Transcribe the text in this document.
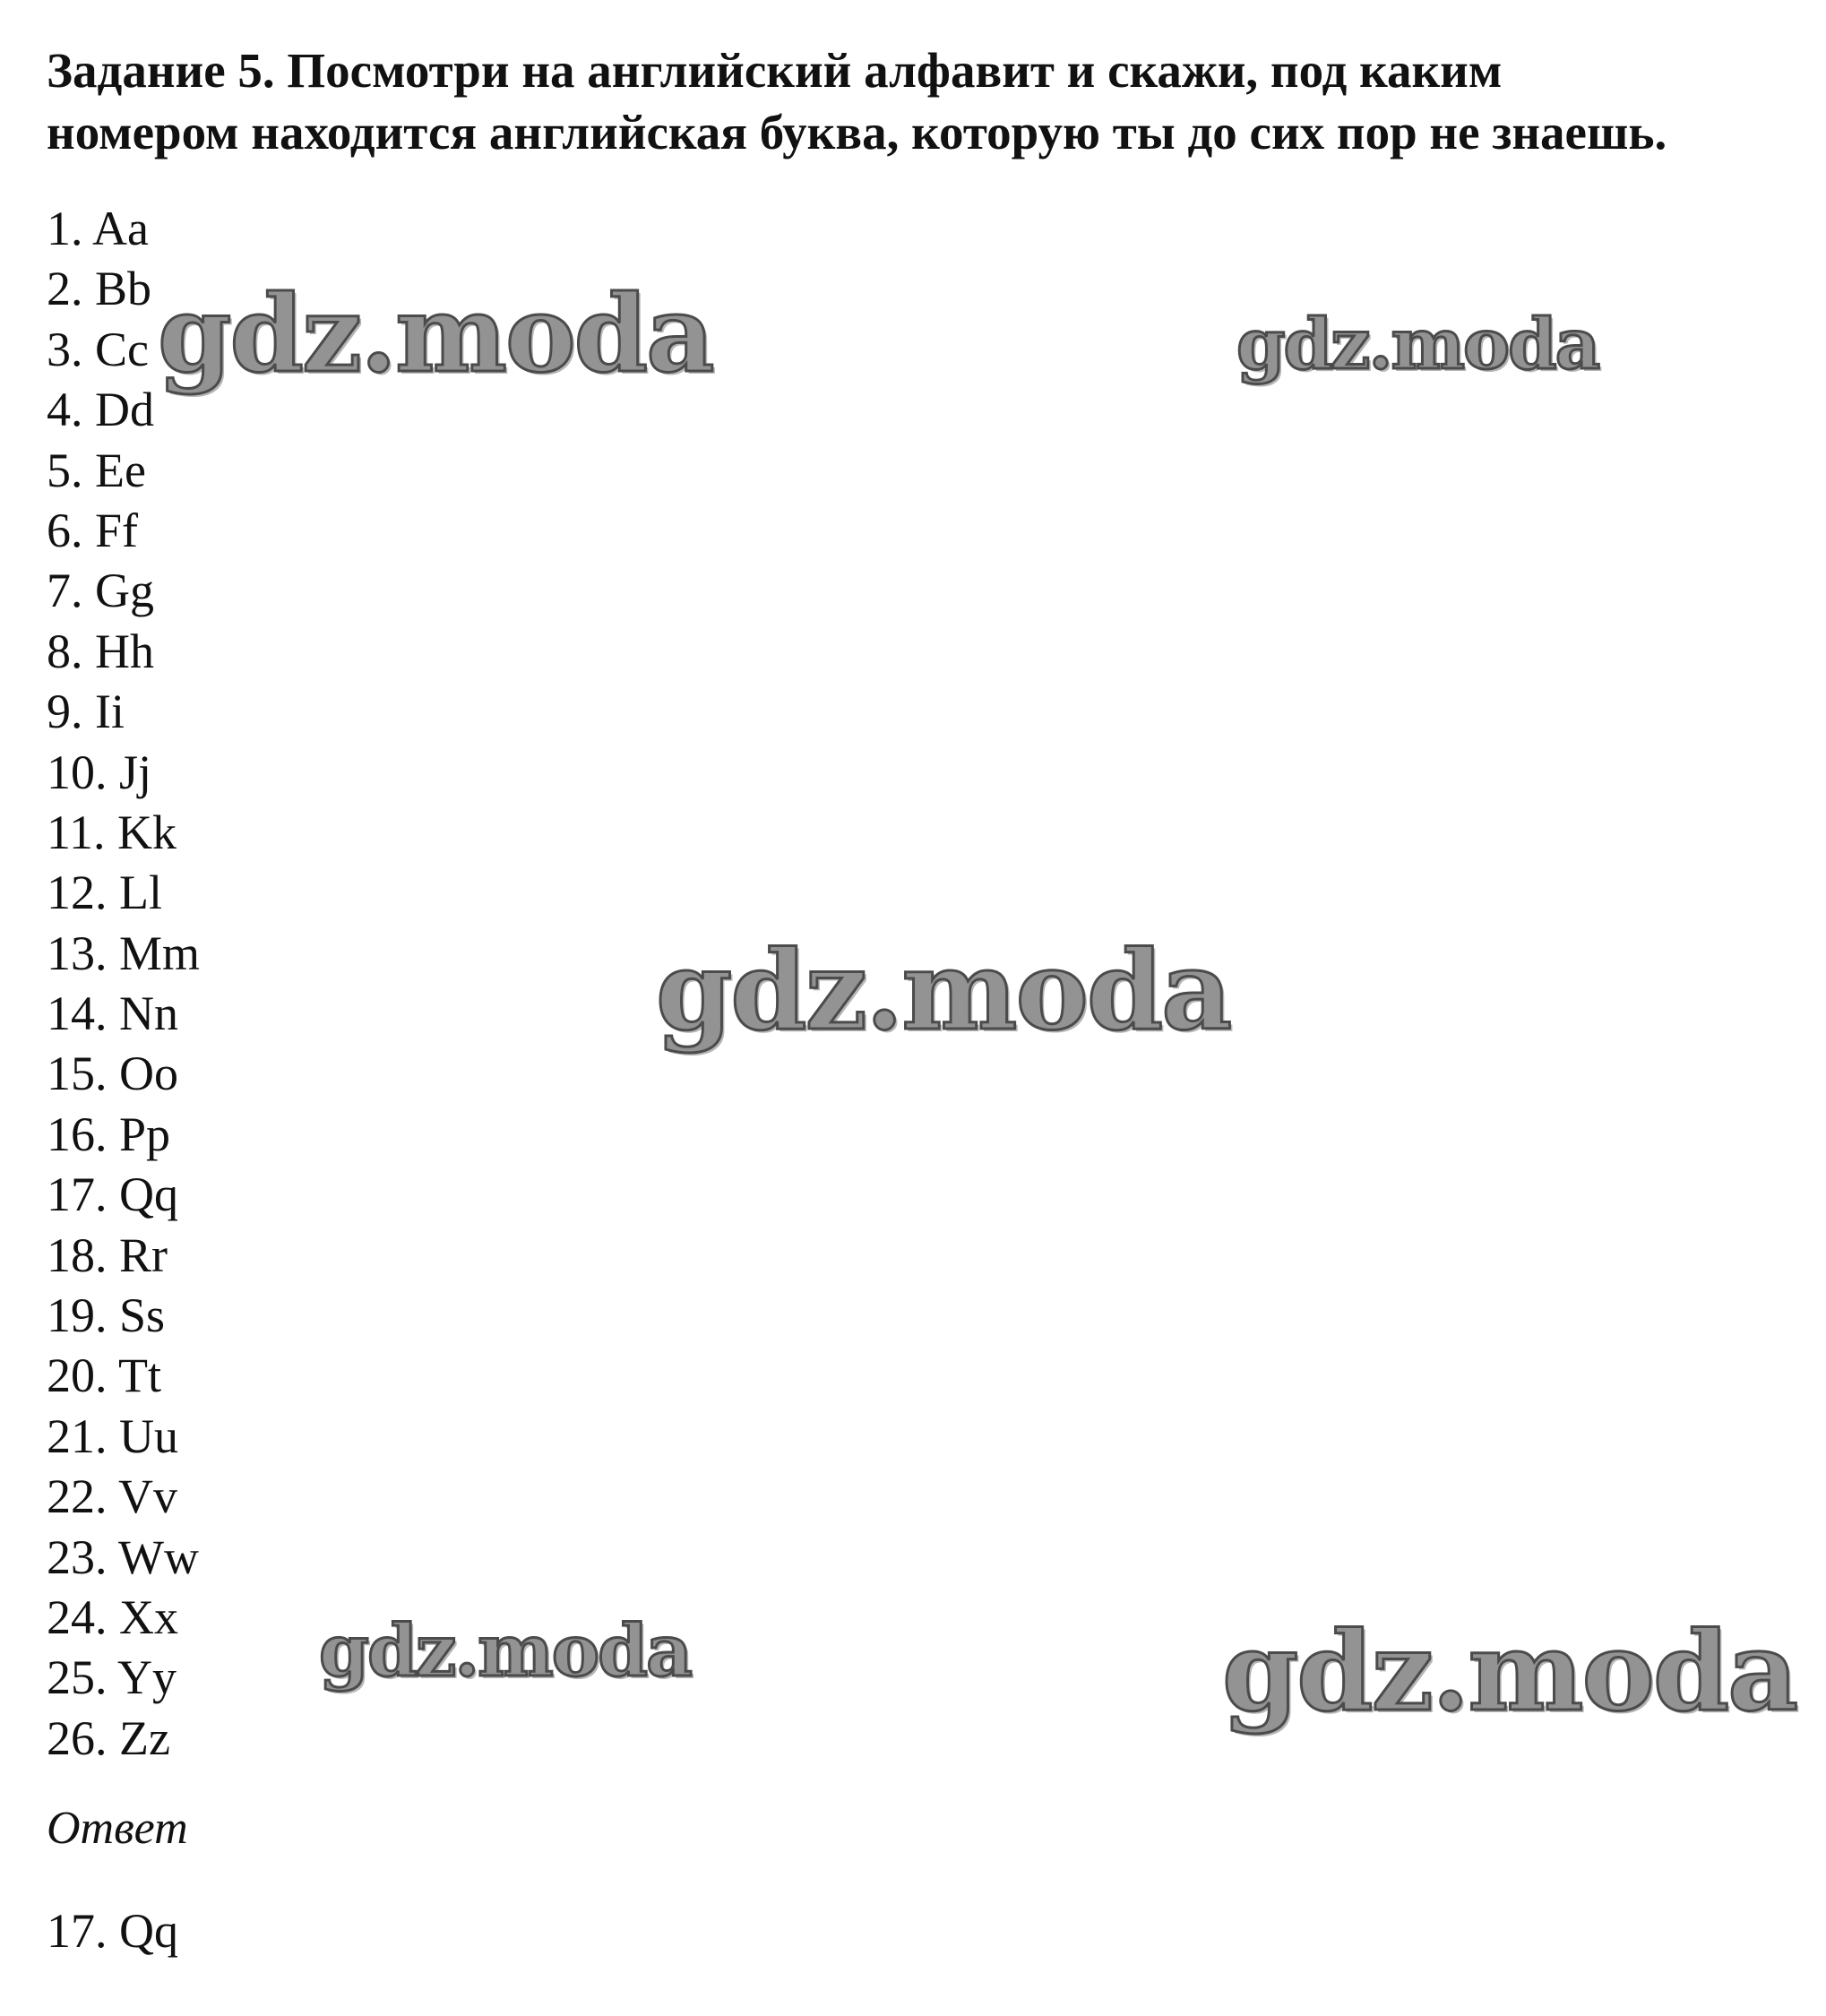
Задание 5. Посмотри на английский алфавит и скажи, под каким
номером находится английская буква, которую ты до сих пор не знаешь.
1. Aa
2. Bb
3. Cc
4. Dd
5. Ee
6. Ff
7. Gg
8. Hh
9. Ii
10. Jj
11. Kk
12. Ll
13. Mm
14. Nn
15. Oo
16. Pp
17. Qq
18. Rr
19. Ss
20. Tt
21. Uu
22. Vv
23. Ww
24. Xx
25. Yy
26. Zz
Ответ
17. Qq
gdz.moda	gdz.moda
gdz.moda
gdz.moda	gdz.moda
